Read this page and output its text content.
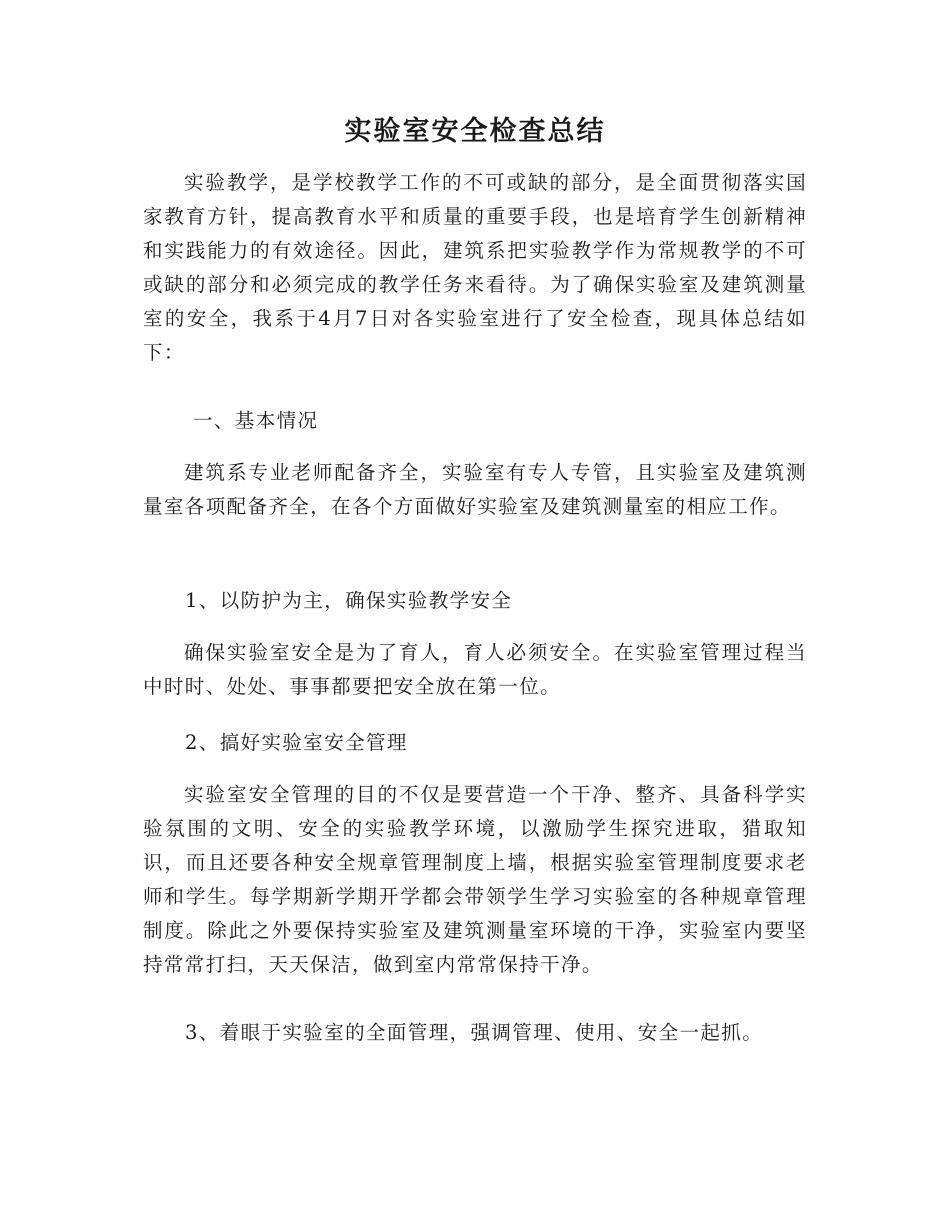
实验室安全检查总结

实验教学，是学校教学工作的不可或缺的部分，是全面贯彻落实国家教育方针，提高教育水平和质量的重要手段，也是培育学生创新精神和实践能力的有效途径。因此，建筑系把实验教学作为常规教学的不可或缺的部分和必须完成的教学任务来看待。为了确保实验室及建筑测量室的安全，我系于4月7日对各实验室进行了安全检查，现具体总结如下：

一、基本情况

建筑系专业老师配备齐全，实验室有专人专管，且实验室及建筑测量室各项配备齐全，在各个方面做好实验室及建筑测量室的相应工作。

1、以防护为主，确保实验教学安全

确保实验室安全是为了育人，育人必须安全。在实验室管理过程当中时时、处处、事事都要把安全放在第一位。

2、搞好实验室安全管理

实验室安全管理的目的不仅是要营造一个干净、整齐、具备科学实验氛围的文明、安全的实验教学环境，以激励学生探究进取，猎取知识，而且还要各种安全规章管理制度上墙，根据实验室管理制度要求老师和学生。每学期新学期开学都会带领学生学习实验室的各种规章管理制度。除此之外要保持实验室及建筑测量室环境的干净，实验室内要坚持常常打扫，天天保洁，做到室内常常保持干净。

3、着眼于实验室的全面管理，强调管理、使用、安全一起抓。
